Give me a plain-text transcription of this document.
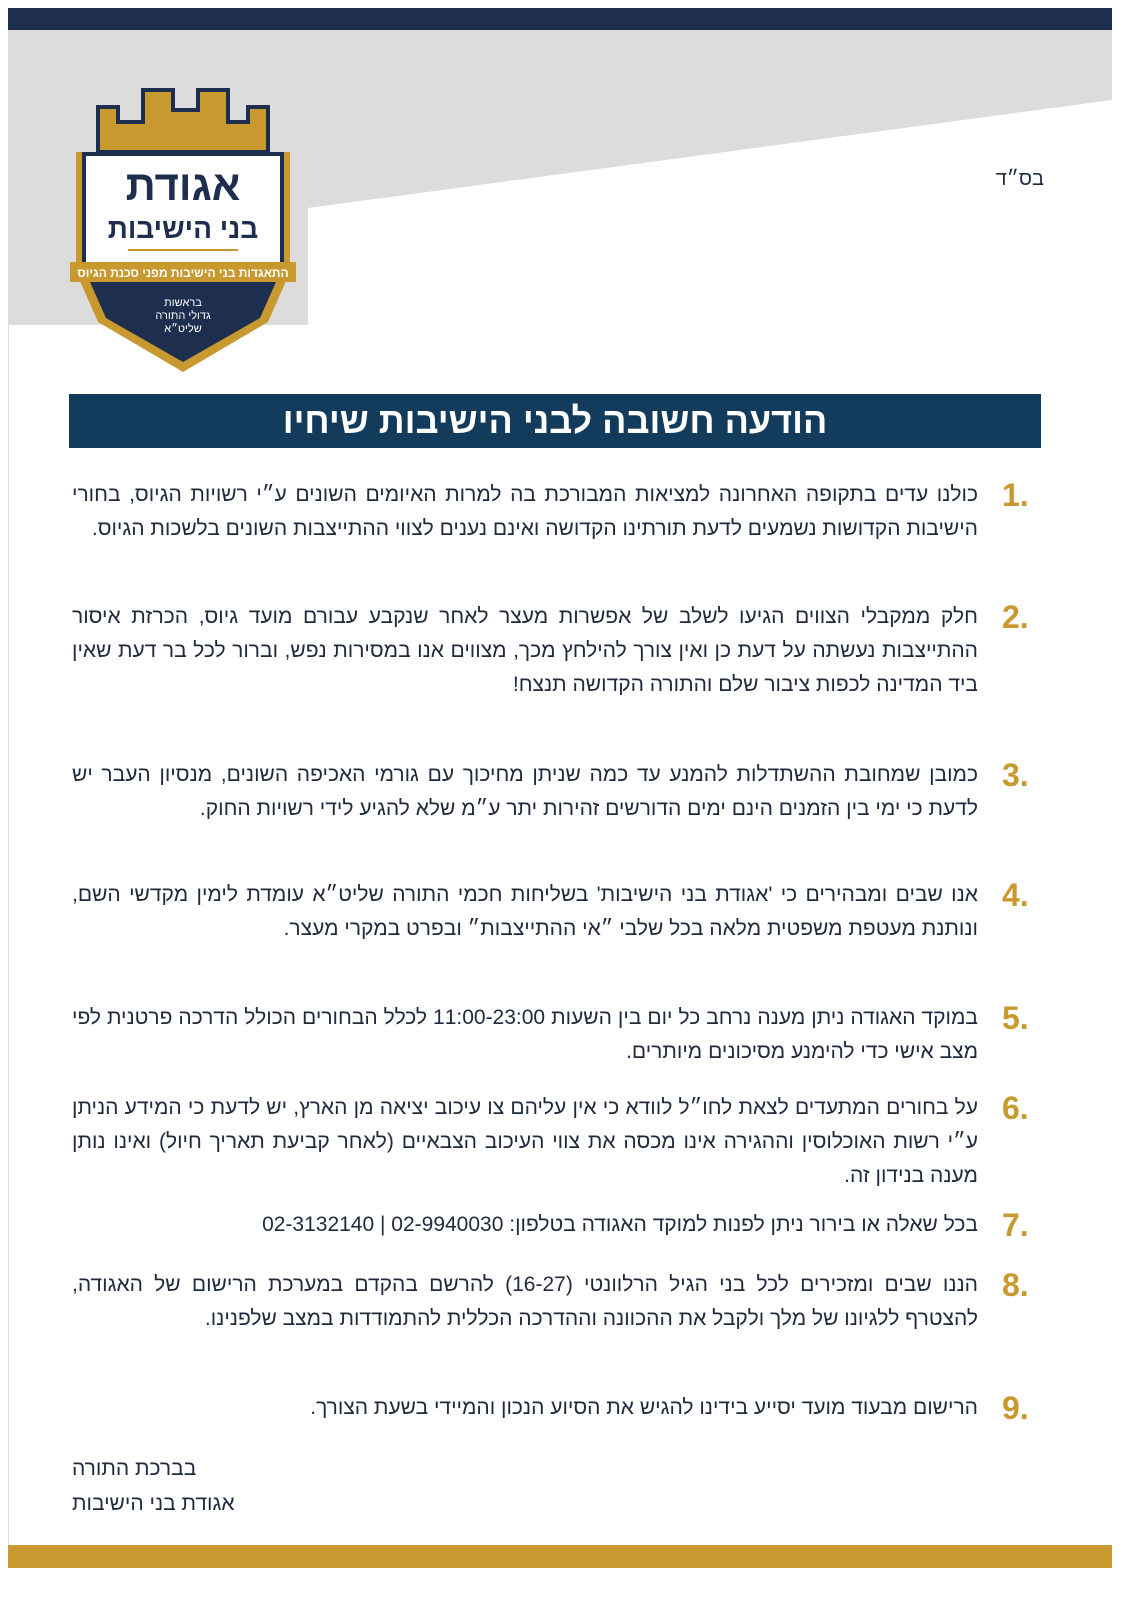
בס״ד
אגודת
בני הישיבות
התאגדות בני הישיבות מפני סכנת הגיוס
בראשות
גדולי התורה
שליט״א
הודעה חשובה לבני הישיבות שיחיו
1.
כולנו עדים בתקופה האחרונה למציאות המבורכת בה למרות האיומים השונים ע״י רשויות הגיוס, בחורי הישיבות הקדושות נשמעים לדעת תורתינו הקדושה ואינם נענים לצווי ההתייצבות השונים בלשכות הגיוס.
2.
חלק ממקבלי הצווים הגיעו לשלב של אפשרות מעצר לאחר שנקבע עבורם מועד גיוס, הכרזת איסור ההתייצבות נעשתה על דעת כן ואין צורך להילחץ מכך, מצווים אנו במסירות נפש, וברור לכל בר דעת שאין ביד המדינה לכפות ציבור שלם והתורה הקדושה תנצח!
3.
כמובן שמחובת ההשתדלות להמנע עד כמה שניתן מחיכוך עם גורמי האכיפה השונים, מנסיון העבר יש לדעת כי ימי בין הזמנים הינם ימים הדורשים זהירות יתר ע״מ שלא להגיע לידי רשויות החוק.
4.
אנו שבים ומבהירים כי 'אגודת בני הישיבות' בשליחות חכמי התורה שליט״א עומדת לימין מקדשי השם, ונותנת מעטפת משפטית מלאה בכל שלבי ״אי ההתייצבות״ ובפרט במקרי מעצר.
5.
במוקד האגודה ניתן מענה נרחב כל יום בין השעות 11:00-23:00 לכלל הבחורים הכולל הדרכה פרטנית לפי מצב אישי כדי להימנע מסיכונים מיותרים.
6.
על בחורים המתעדים לצאת לחו״ל לוודא כי אין עליהם צו עיכוב יציאה מן הארץ, יש לדעת כי המידע הניתן ע״י רשות האוכלוסין וההגירה אינו מכסה את צווי העיכוב הצבאיים (לאחר קביעת תאריך חיול) ואינו נותן מענה בנידון זה.
7.
בכל שאלה או בירור ניתן לפנות למוקד האגודה בטלפון: 02-3132140 | 02-9940030
8.
הננו שבים ומזכירים לכל בני הגיל הרלוונטי (16-27) להרשם בהקדם במערכת הרישום של האגודה, להצטרף ללגיונו של מלך ולקבל את ההכוונה וההדרכה הכללית להתמודדות במצב שלפנינו.
9.
הרישום מבעוד מועד יסייע בידינו להגיש את הסיוע הנכון והמיידי בשעת הצורך.
בברכת התורה
אגודת בני הישיבות
